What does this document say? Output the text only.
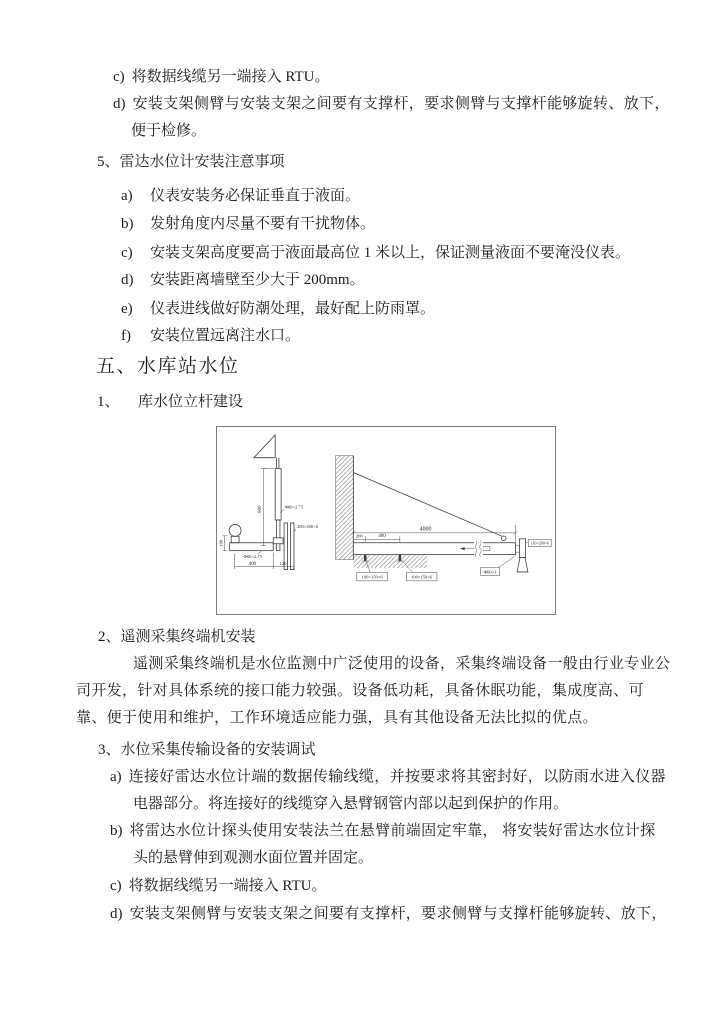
c) 将数据线缆另一端接入 RTU。
d) 安装支架侧臂与安装支架之间要有支撑杆，要求侧臂与支撑杆能够旋转、放下，
便于检修。
5、雷达水位计安装注意事项
a) 仪表安装务必保证垂直于液面。
b) 发射角度内尽量不要有干扰物体。
c) 安装支架高度要高于液面最高位 1 米以上，保证测量液面不要淹没仪表。
d) 安装距离墙壁至少大于 200mm。
e) 仪表进线做好防潮处理，最好配上防雨罩。
f) 安装位置远离注水口。
五、水库站水位
1、 库水位立杆建设
800	Φ60×2.75
200×200×6
100
Φ60×2.75
400	120
4000
200	400
100×150×6	100×150×6
110×200×6
Φ60×3
2、遥测采集终端机安装
遥测采集终端机是水位监测中广泛使用的设备，采集终端设备一般由行业专业公
司开发，针对具体系统的接口能力较强。设备低功耗，具备休眠功能，集成度高、可
靠、便于使用和维护，工作环境适应能力强，具有其他设备无法比拟的优点。
3、水位采集传输设备的安装调试
a) 连接好雷达水位计端的数据传输线缆，并按要求将其密封好，以防雨水进入仪器
电器部分。将连接好的线缆穿入悬臂钢管内部以起到保护的作用。
b) 将雷达水位计探头使用安装法兰在悬臂前端固定牢靠， 将安装好雷达水位计探
头的悬臂伸到观测水面位置并固定。
c) 将数据线缆另一端接入 RTU。
d) 安装支架侧臂与安装支架之间要有支撑杆，要求侧臂与支撑杆能够旋转、放下，
